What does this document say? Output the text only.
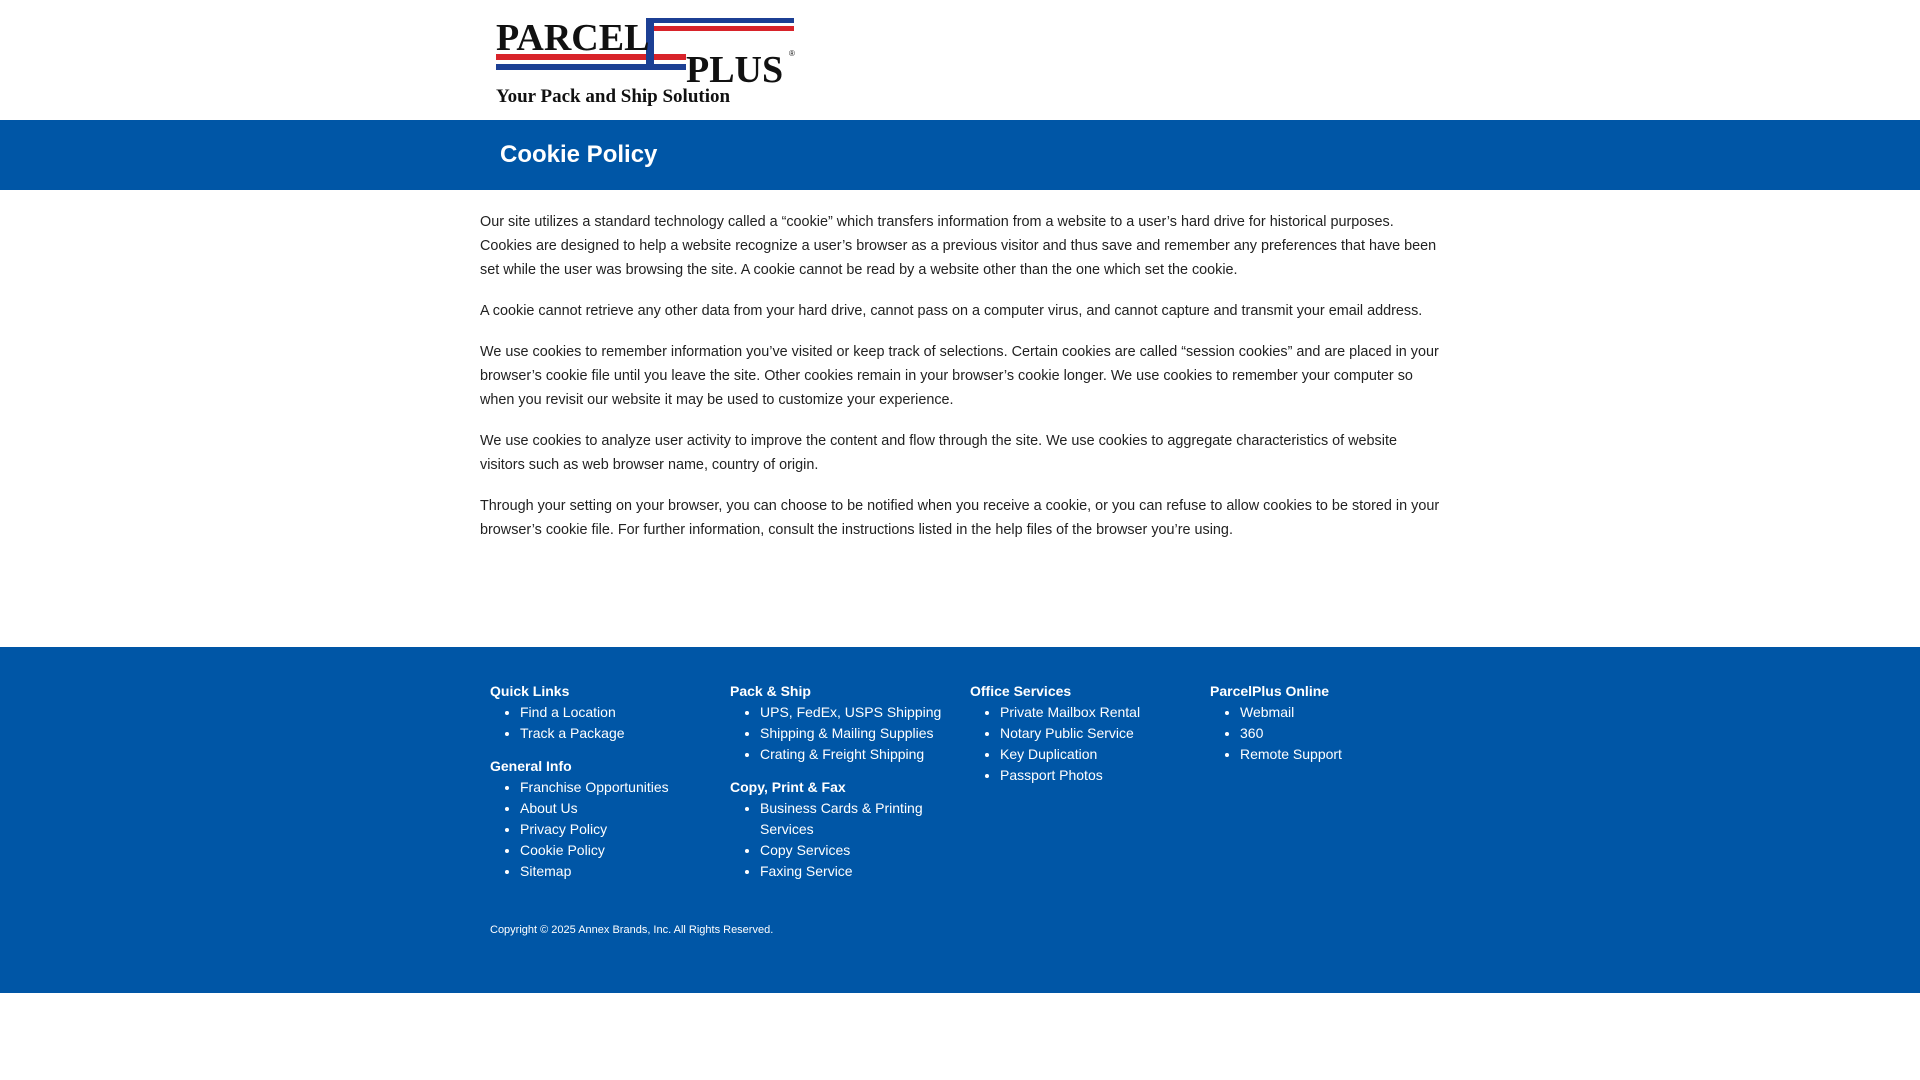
PARCEL
PLUS ®
Your Pack and Ship Solution
Cookie Policy

Our site utilizes a standard technology called a “cookie” which transfers information from a website to a user’s hard drive for historical purposes. Cookies are designed to help a website recognize a user’s browser as a previous visitor and thus save and remember any preferences that have been set while the user was browsing the site. A cookie cannot be read by a website other than the one which set the cookie.

A cookie cannot retrieve any other data from your hard drive, cannot pass on a computer virus, and cannot capture and transmit your email address.

We use cookies to remember information you’ve visited or keep track of selections. Certain cookies are called “session cookies” and are placed in your browser’s cookie file until you leave the site. Other cookies remain in your browser’s cookie longer. We use cookies to remember your computer so when you revisit our website it may be used to customize your experience.

We use cookies to analyze user activity to improve the content and flow through the site. We use cookies to aggregate characteristics of website visitors such as web browser name, country of origin.

Through your setting on your browser, you can choose to be notified when you receive a cookie, or you can refuse to allow cookies to be stored in your browser’s cookie file. For further information, consult the instructions listed in the help files of the browser you’re using.

Quick Links
• Find a Location
• Track a Package
General Info
• Franchise Opportunities
• About Us
• Privacy Policy
• Cookie Policy
• Sitemap
Pack & Ship
• UPS, FedEx, USPS Shipping
• Shipping & Mailing Supplies
• Crating & Freight Shipping
Copy, Print & Fax
• Business Cards & Printing Services
• Copy Services
• Faxing Service
Office Services
• Private Mailbox Rental
• Notary Public Service
• Key Duplication
• Passport Photos
ParcelPlus Online
• Webmail
• 360
• Remote Support
Copyright © 2025 Annex Brands, Inc. All Rights Reserved.
